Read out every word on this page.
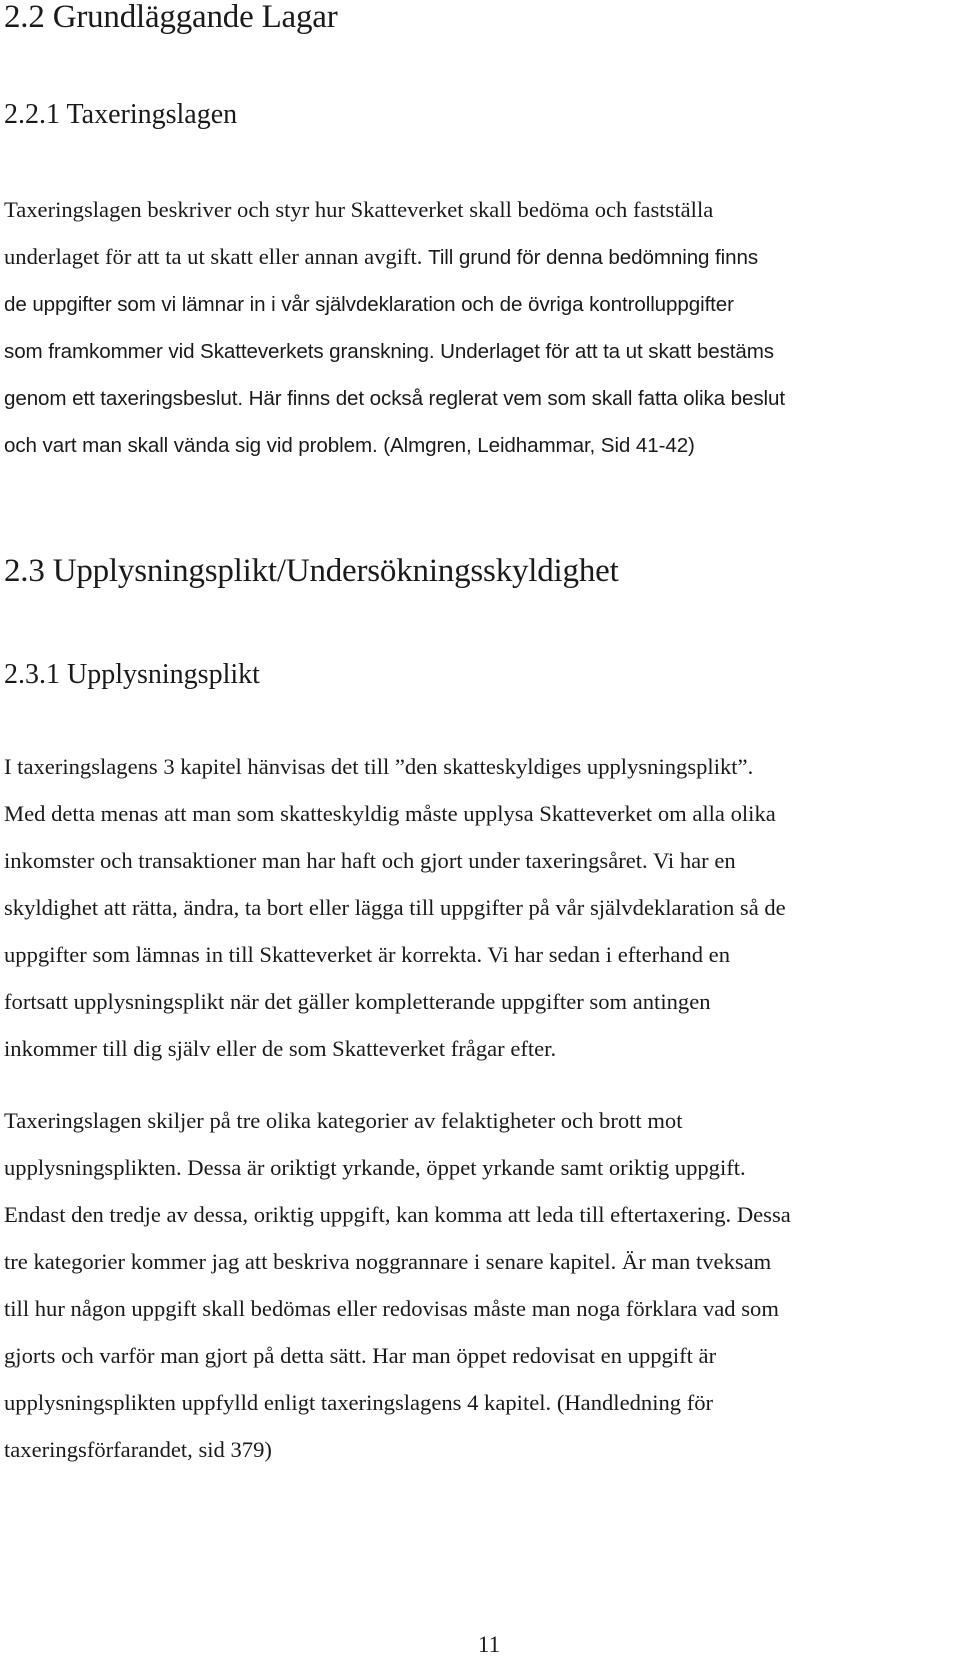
2.2 Grundläggande Lagar
2.2.1 Taxeringslagen
Taxeringslagen beskriver och styr hur Skatteverket skall bedöma och fastställa
underlaget för att ta ut skatt eller annan avgift. Till grund för denna bedömning finns
de uppgifter som vi lämnar in i vår självdeklaration och de övriga kontrolluppgifter
som framkommer vid Skatteverkets granskning. Underlaget för att ta ut skatt bestäms
genom ett taxeringsbeslut. Här finns det också reglerat vem som skall fatta olika beslut
och vart man skall vända sig vid problem. (Almgren, Leidhammar, Sid 41-42)
2.3 Upplysningsplikt/Undersökningsskyldighet
2.3.1 Upplysningsplikt
I taxeringslagens 3 kapitel hänvisas det till ”den skatteskyldiges upplysningsplikt”.
Med detta menas att man som skatteskyldig måste upplysa Skatteverket om alla olika
inkomster och transaktioner man har haft och gjort under taxeringsåret. Vi har en
skyldighet att rätta, ändra, ta bort eller lägga till uppgifter på vår självdeklaration så de
uppgifter som lämnas in till Skatteverket är korrekta. Vi har sedan i efterhand en
fortsatt upplysningsplikt när det gäller kompletterande uppgifter som antingen
inkommer till dig själv eller de som Skatteverket frågar efter.
Taxeringslagen skiljer på tre olika kategorier av felaktigheter och brott mot
upplysningsplikten. Dessa är oriktigt yrkande, öppet yrkande samt oriktig uppgift.
Endast den tredje av dessa, oriktig uppgift, kan komma att leda till eftertaxering. Dessa
tre kategorier kommer jag att beskriva noggrannare i senare kapitel. Är man tveksam
till hur någon uppgift skall bedömas eller redovisas måste man noga förklara vad som
gjorts och varför man gjort på detta sätt. Har man öppet redovisat en uppgift är
upplysningsplikten uppfylld enligt taxeringslagens 4 kapitel. (Handledning för
taxeringsförfarandet, sid 379)
11
